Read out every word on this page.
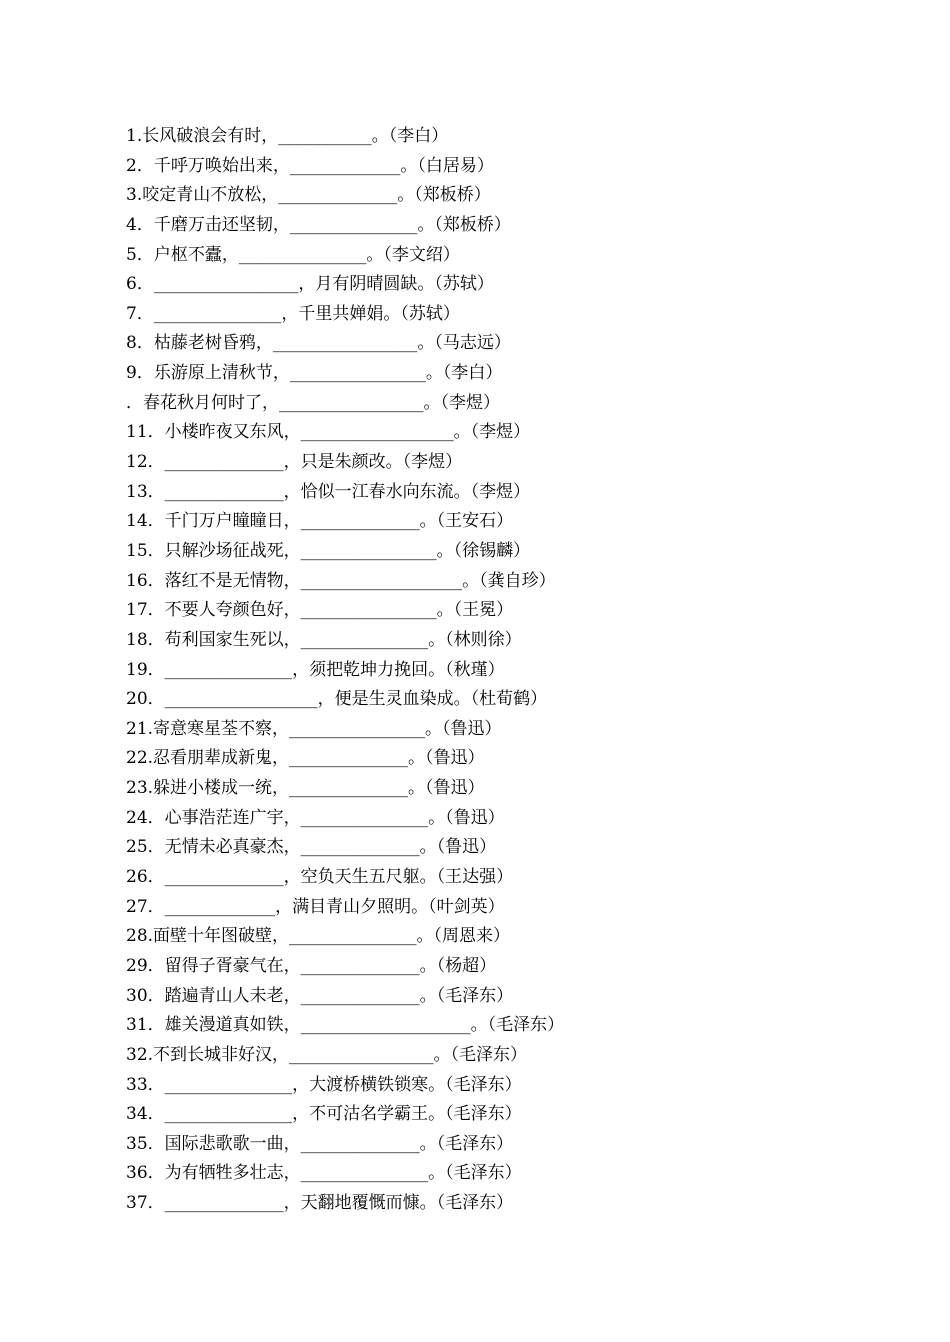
1.长风破浪会有时，___________。（李白）
2．千呼万唤始出来，_____________。（白居易）
3.咬定青山不放松，______________。（郑板桥）
4．千磨万击还坚韧，_______________。（郑板桥）
5．户枢不蠹，_______________。（李文绍）
6．_________________，月有阴晴圆缺。（苏轼）
7．_______________，千里共婵娟。（苏轼）
8．枯藤老树昏鸦，_________________。（马志远）
9．乐游原上清秋节，________________。（李白）
．春花秋月何时了，_________________。（李煜）
11．小楼昨夜又东风，__________________。（李煜）
12．______________，只是朱颜改。（李煜）
13．______________，恰似一江春水向东流。（李煜）
14．千门万户瞳瞳日，______________。（王安石）
15．只解沙场征战死，________________。（徐锡麟）
16．落红不是无情物，___________________。（龚自珍）
17．不要人夸颜色好，________________。（王冕）
18．苟利国家生死以，_______________。（林则徐）
19．_______________，须把乾坤力挽回。（秋瑾）
20．__________________，便是生灵血染成。（杜荀鹤）
21.寄意寒星荃不察，________________。（鲁迅）
22.忍看朋辈成新鬼，______________。（鲁迅）
23.躲进小楼成一统，______________。（鲁迅）
24．心事浩茫连广宇，_______________。（鲁迅）
25．无情未必真豪杰，______________。（鲁迅）
26．______________，空负天生五尺躯。（王达强）
27．_____________，满目青山夕照明。（叶剑英）
28.面壁十年图破壁，_______________。（周恩来）
29．留得子胥豪气在，______________。（杨超）
30．踏遍青山人未老，______________。（毛泽东）
31．雄关漫道真如铁，____________________。（毛泽东）
32.不到长城非好汉，_________________。（毛泽东）
33．_______________，大渡桥横铁锁寒。（毛泽东）
34．_______________，不可沽名学霸王。（毛泽东）
35．国际悲歌歌一曲，______________。（毛泽东）
36．为有牺牲多壮志，_______________。（毛泽东）
37．______________，天翻地覆慨而慷。（毛泽东）
